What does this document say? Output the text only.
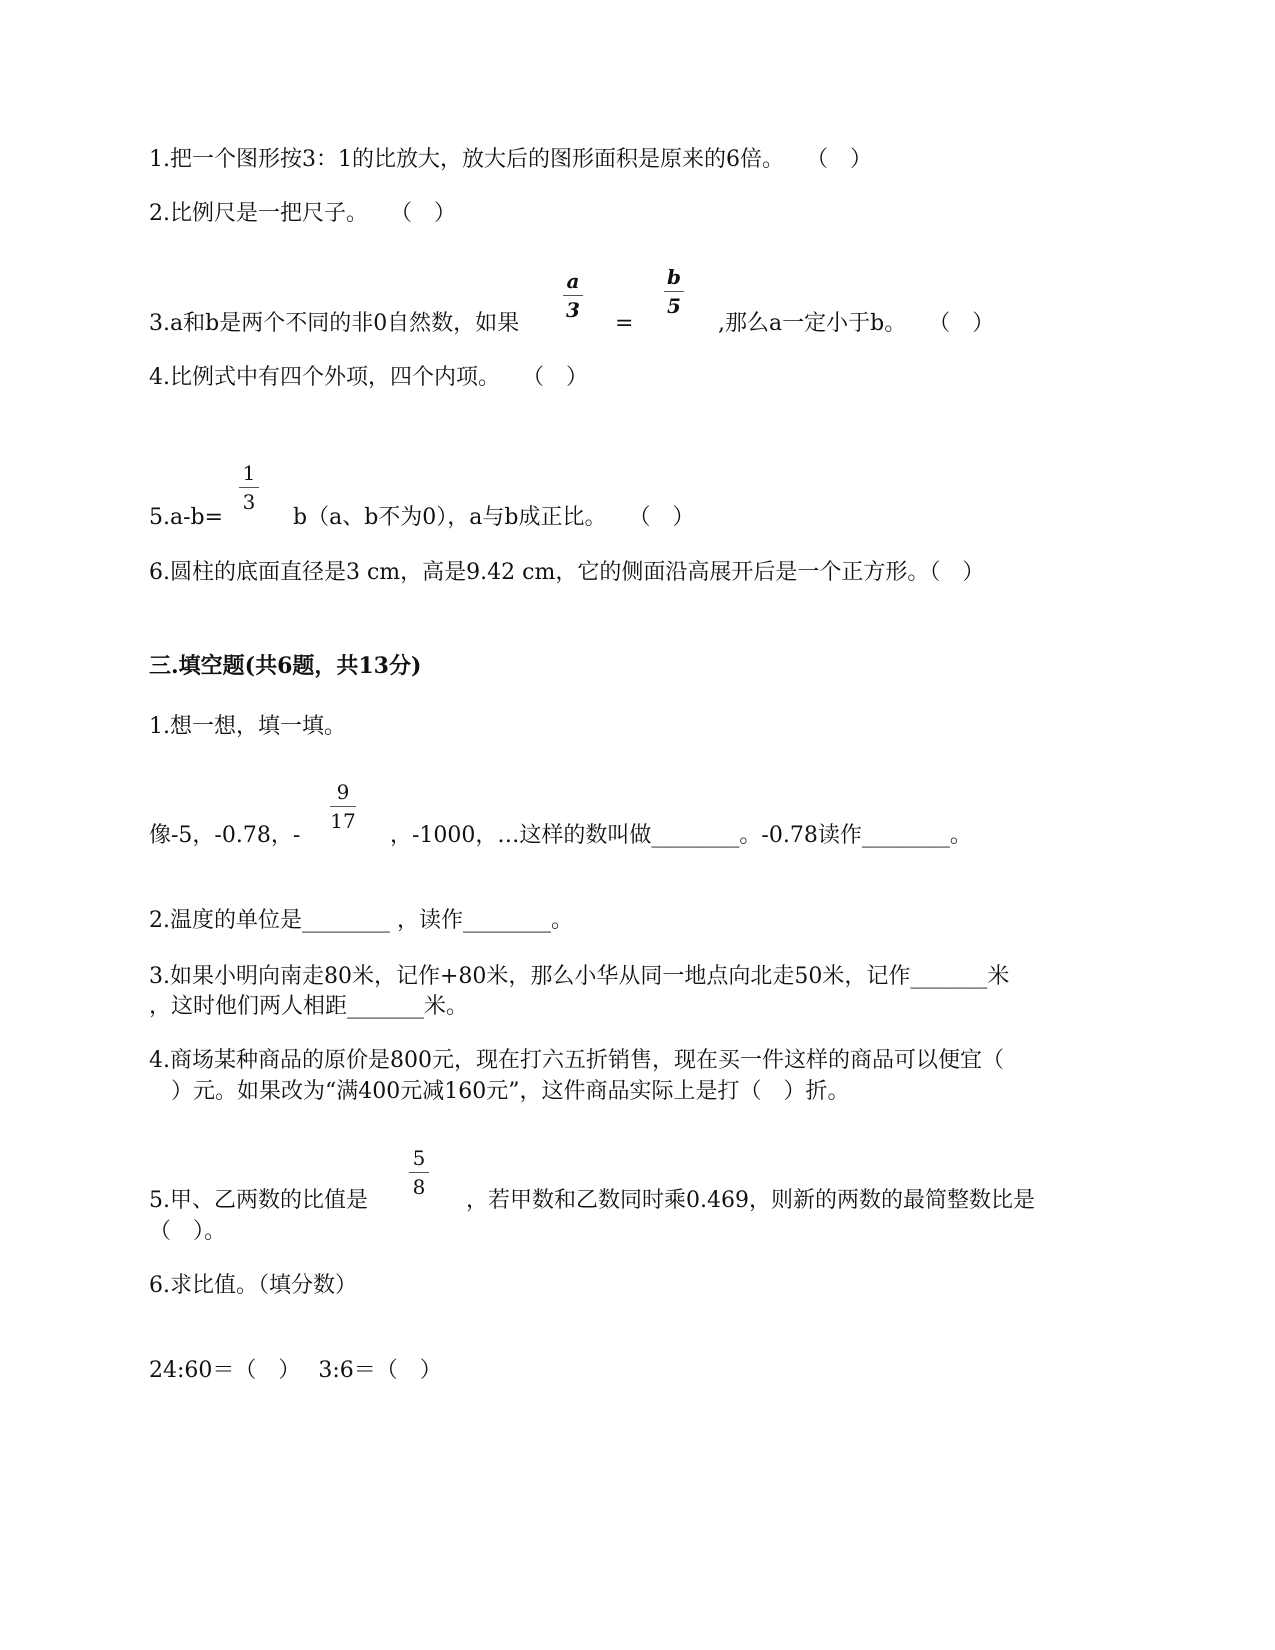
1.把一个图形按3：1的比放大，放大后的图形面积是原来的6倍。　　（　）
2.比例尺是一把尺子。　　（　）
3.a和b是两个不同的非0自然数，如果
a
3
=
b
5
,那么a一定小于b。　　（　）
4.比例式中有四个外项，四个内项。　　（　）
5.a-b=
1
3
b（a、b不为0），a与b成正比。　　（　）
6.圆柱的底面直径是3 cm，高是9.42 cm，它的侧面沿高展开后是一个正方形。（　）
三.填空题(共6题，共13分)
1.想一想，填一填。
像-5，-0.78，-
9
17
，-1000，…这样的数叫做________。-0.78读作________。
2.温度的单位是________ ，读作________。
3.如果小明向南走80米，记作+80米，那么小华从同一地点向北走50米，记作_______米
，这时他们两人相距_______米。
4.商场某种商品的原价是800元，现在打六五折销售，现在买一件这样的商品可以便宜（
　）元。如果改为“满400元减160元”，这件商品实际上是打（　）折。
5.甲、乙两数的比值是
5
8
，若甲数和乙数同时乘0.469，则新的两数的最简整数比是
（　）。
6.求比值。（填分数）
24:60＝（　）　 3:6＝（　）
